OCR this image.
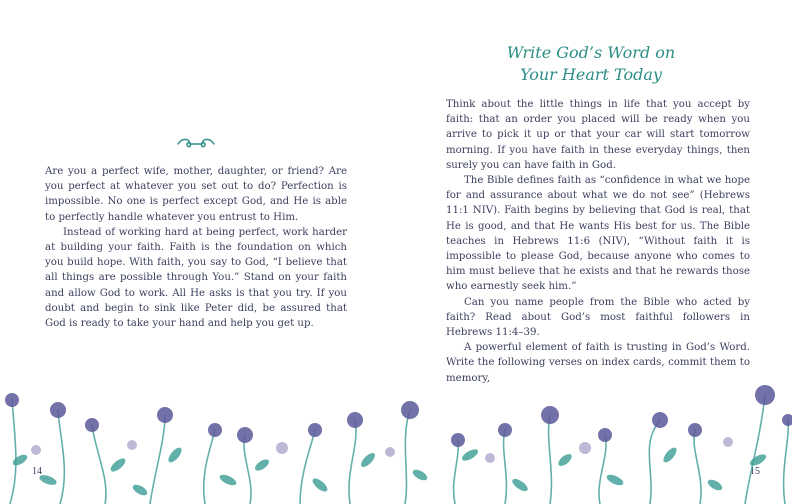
Are you a perfect wife, mother, daughter, or friend? Are you perfect at whatever you set out to do? Perfection is impossible. No one is perfect except God, and He is able to perfectly handle whatever you entrust to Him.

Instead of working hard at being perfect, work harder at building your faith. Faith is the foundation on which you build hope. With faith, you say to God, “I believe that all things are possible through You.” Stand on your faith and allow God to work. All He asks is that you try. If you doubt and begin to sink like Peter did, be assured that God is ready to take your hand and help you get up.

14
Write God’s Word on
Your Heart Today

Think about the little things in life that you accept by faith: that an order you placed will be ready when you arrive to pick it up or that your car will start tomorrow morning. If you have faith in these everyday things, then surely you can have faith in God.

The Bible defines faith as “confidence in what we hope for and assurance about what we do not see” (Hebrews 11:1 NIV). Faith begins by believing that God is real, that He is good, and that He wants His best for us. The Bible teaches in Hebrews 11:6 (NIV), “Without faith it is impossible to please God, because anyone who comes to him must believe that he exists and that he rewards those who earnestly seek him.”

Can you name people from the Bible who acted by faith? Read about God’s most faithful followers in Hebrews 11:4–39.

A powerful element of faith is trusting in God’s Word. Write the following verses on index cards, commit them to memory,

15
